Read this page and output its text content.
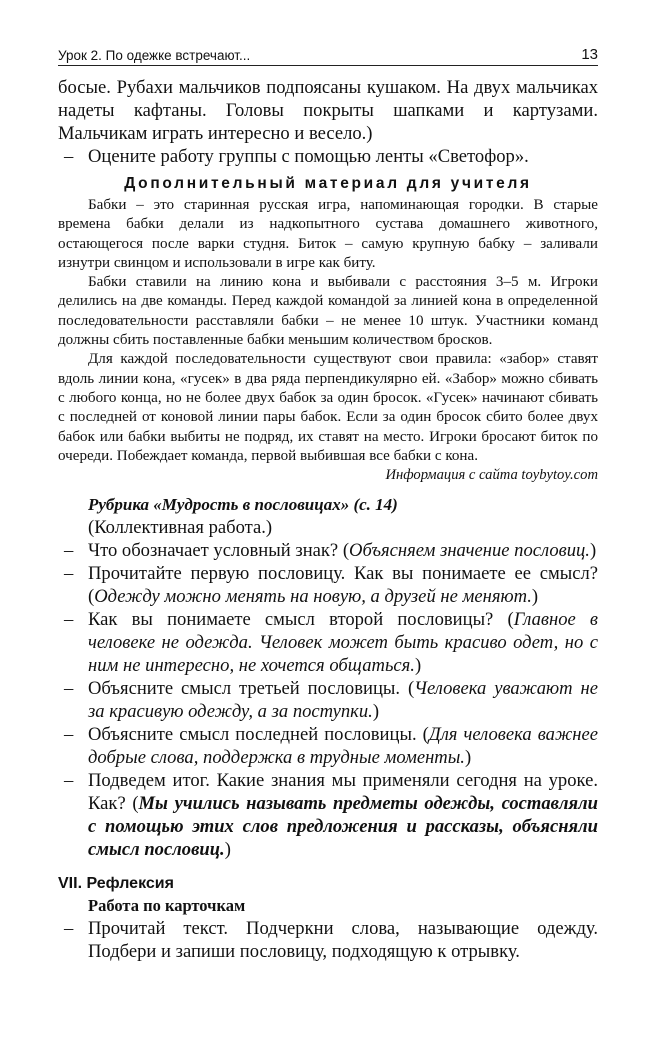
Урок 2. По одежке встречают...	13

босые. Рубахи мальчиков подпоясаны кушаком. На двух мальчиках надеты кафтаны. Головы покрыты шапками и картузами. Мальчикам играть интересно и весело.)

– Оцените работу группы с помощью ленты «Светофор».

Дополнительный материал для учителя

Бабки – это старинная русская игра, напоминающая городки. В старые времена бабки делали из надкопытного сустава домашнего животного, остающегося после варки студня. Биток – самую крупную бабку – заливали изнутри свинцом и использовали в игре как биту.

Бабки ставили на линию кона и выбивали с расстояния 3–5 м. Игроки делились на две команды. Перед каждой командой за линией кона в определенной последовательности расставляли бабки – не менее 10 штук. Участники команд должны сбить поставленные бабки меньшим количеством бросков.

Для каждой последовательности существуют свои правила: «забор» ставят вдоль линии кона, «гусек» в два ряда перпендикулярно ей. «Забор» можно сбивать с любого конца, но не более двух бабок за один бросок. «Гусек» начинают сбивать с последней от коновой линии пары бабок. Если за один бросок сбито более двух бабок или бабки выбиты не подряд, их ставят на место. Игроки бросают биток по очереди. Побеждает команда, первой выбившая все бабки с кона.

Информация с сайта toybytoy.com
Рубрика «Мудрость в пословицах» (с. 14)

(Коллективная работа.)

– Что обозначает условный знак? (Объясняем значение пословиц.)

– Прочитайте первую пословицу. Как вы понимаете ее смысл? (Одежду можно менять на новую, а друзей не меняют.)

– Как вы понимаете смысл второй пословицы? (Главное в человеке не одежда. Человек может быть красиво одет, но с ним не интересно, не хочется общаться.)

– Объясните смысл третьей пословицы. (Человека уважают не за красивую одежду, а за поступки.)

– Объясните смысл последней пословицы. (Для человека важнее добрые слова, поддержка в трудные моменты.)

– Подведем итог. Какие знания мы применяли сегодня на уроке. Как? (Мы учились называть предметы одежды, составляли с помощью этих слов предложения и рассказы, объясняли смысл пословиц.)

VII. Рефлексия
Работа по карточкам

– Прочитай текст. Подчеркни слова, называющие одежду. Подбери и запиши пословицу, подходящую к отрывку.
